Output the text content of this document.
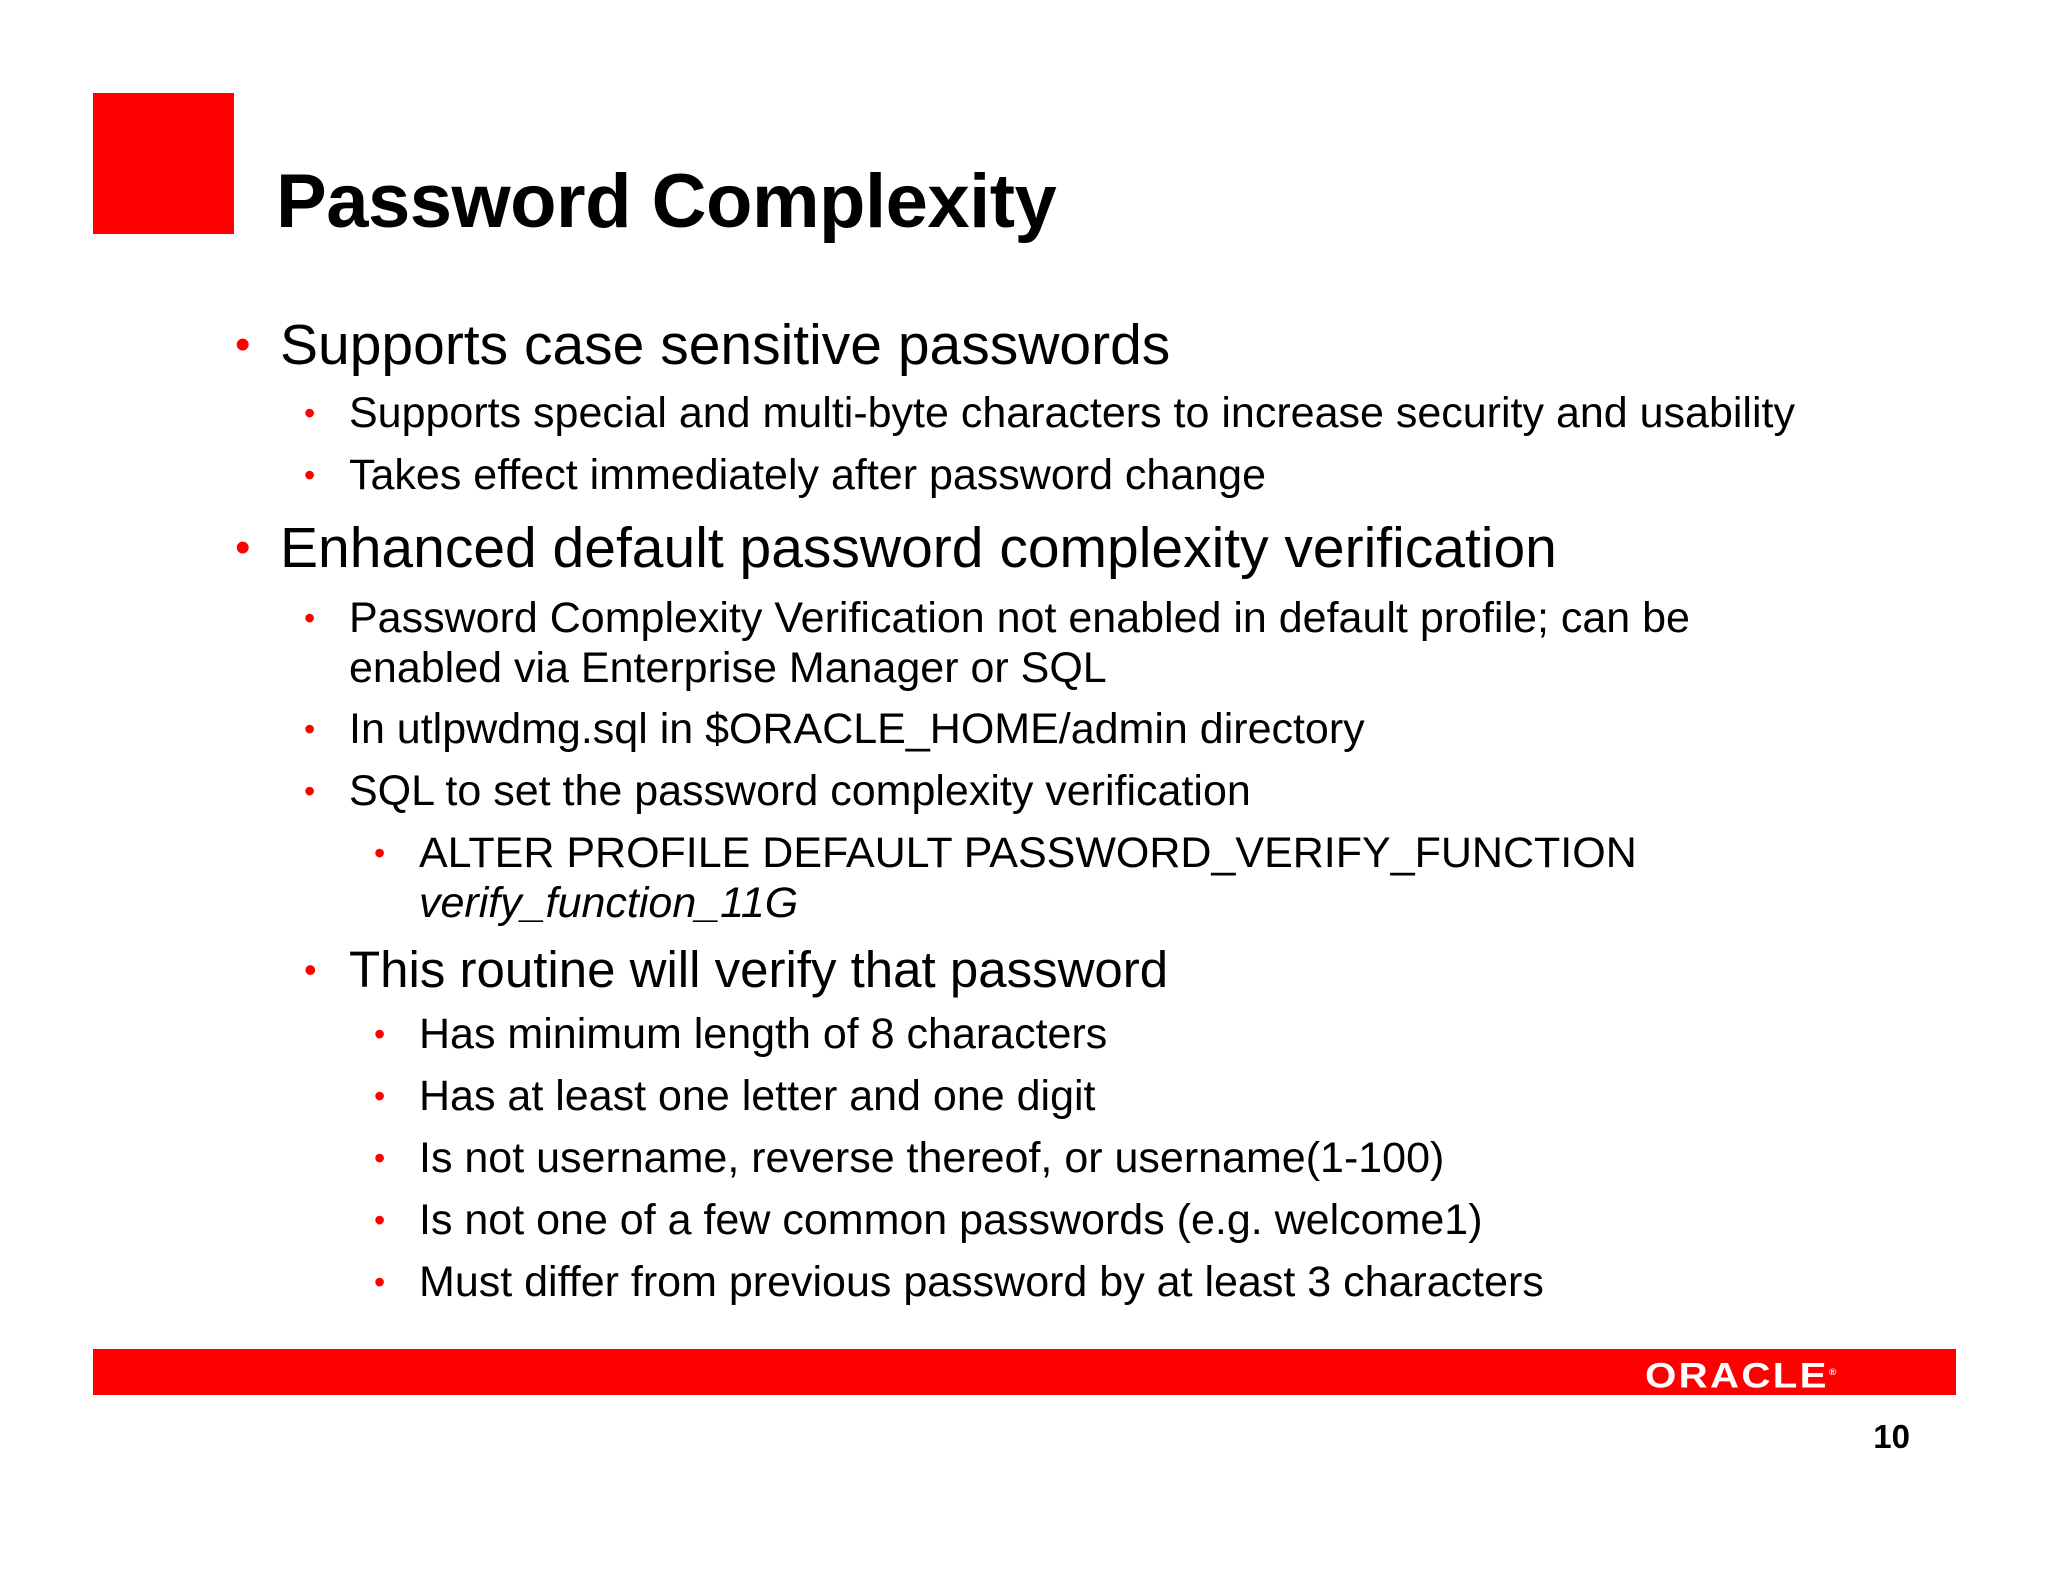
Password Complexity
• Supports case sensitive passwords
• Supports special and multi-byte characters to increase security and usability
• Takes effect immediately after password change
• Enhanced default password complexity verification
• Password Complexity Verification not enabled in default profile; can be
enabled via Enterprise Manager or SQL
• In utlpwdmg.sql in $ORACLE_HOME/admin directory
• SQL to set the password complexity verification
• ALTER PROFILE DEFAULT PASSWORD_VERIFY_FUNCTION
verify_function_11G
• This routine will verify that password
• Has minimum length of 8 characters
• Has at least one letter and one digit
• Is not username, reverse thereof, or username(1-100)
• Is not one of a few common passwords (e.g. welcome1)
• Must differ from previous password by at least 3 characters
ORACLE®
10
